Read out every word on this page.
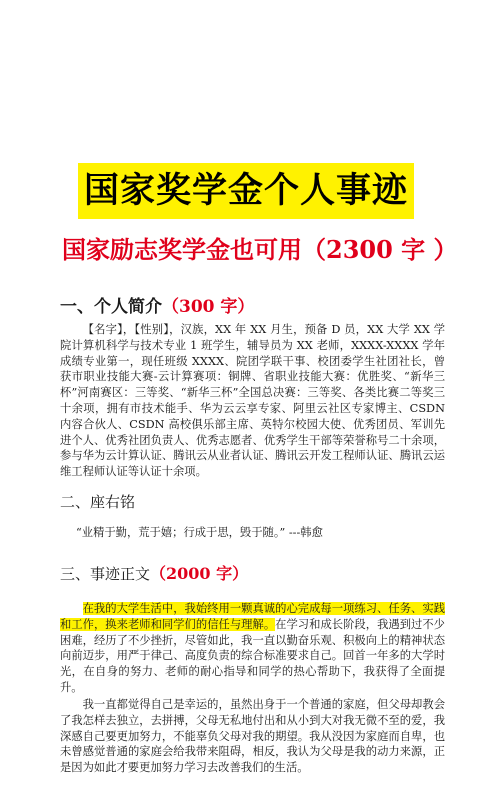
国家奖学金个人事迹
国家励志奖学金也可用（2300 字 ）
一、个人简介（300 字）
【名字】，【性别】，汉族，XX 年 XX 月生，预备 D 员，XX 大学 XX 学院计算机科学与技术专业 1 班学生，辅导员为 XX 老师，XXXX-XXXX 学年成绩专业第一，现任班级 XXXX、院团学联干事、校团委学生社团社长，曾获市职业技能大赛-云计算赛项：铜牌、省职业技能大赛：优胜奖、“新华三杯”河南赛区：三等奖、“新华三杯”全国总决赛：三等奖、各类比赛二等奖三十余项，拥有市技术能手、华为云云享专家、阿里云社区专家博主、CSDN 内容合伙人、CSDN 高校俱乐部主席、英特尔校园大使、优秀团员、军训先进个人、优秀社团负责人、优秀志愿者、优秀学生干部等荣誉称号二十余项，参与华为云计算认证、腾讯云从业者认证、腾讯云开发工程师认证、腾讯云运维工程师认证等认证十余项。
二、座右铭
“业精于勤，荒于嬉；行成于思，毁于随。” ---韩愈
三、事迹正文（2000 字）
在我的大学生活中，我始终用一颗真诚的心完成每一项练习、任务、实践和工作，换来老师和同学们的信任与理解。在学习和成长阶段，我遇到过不少困难，经历了不少挫折，尽管如此，我一直以勤奋乐观、积极向上的精神状态向前迈步，用严于律己、高度负责的综合标准要求自己。回首一年多的大学时光，在自身的努力、老师的耐心指导和同学的热心帮助下，我获得了全面提升。
我一直都觉得自己是幸运的，虽然出身于一个普通的家庭，但父母却教会了我怎样去独立，去拼搏，父母无私地付出和从小到大对我无微不至的爱，我深感自己要更加努力，不能辜负父母对我的期望。我从没因为家庭而自卑，也未曾感觉普通的家庭会给我带来阻碍，相反，我认为父母是我的动力来源，正是因为如此才要更加努力学习去改善我们的生活。
